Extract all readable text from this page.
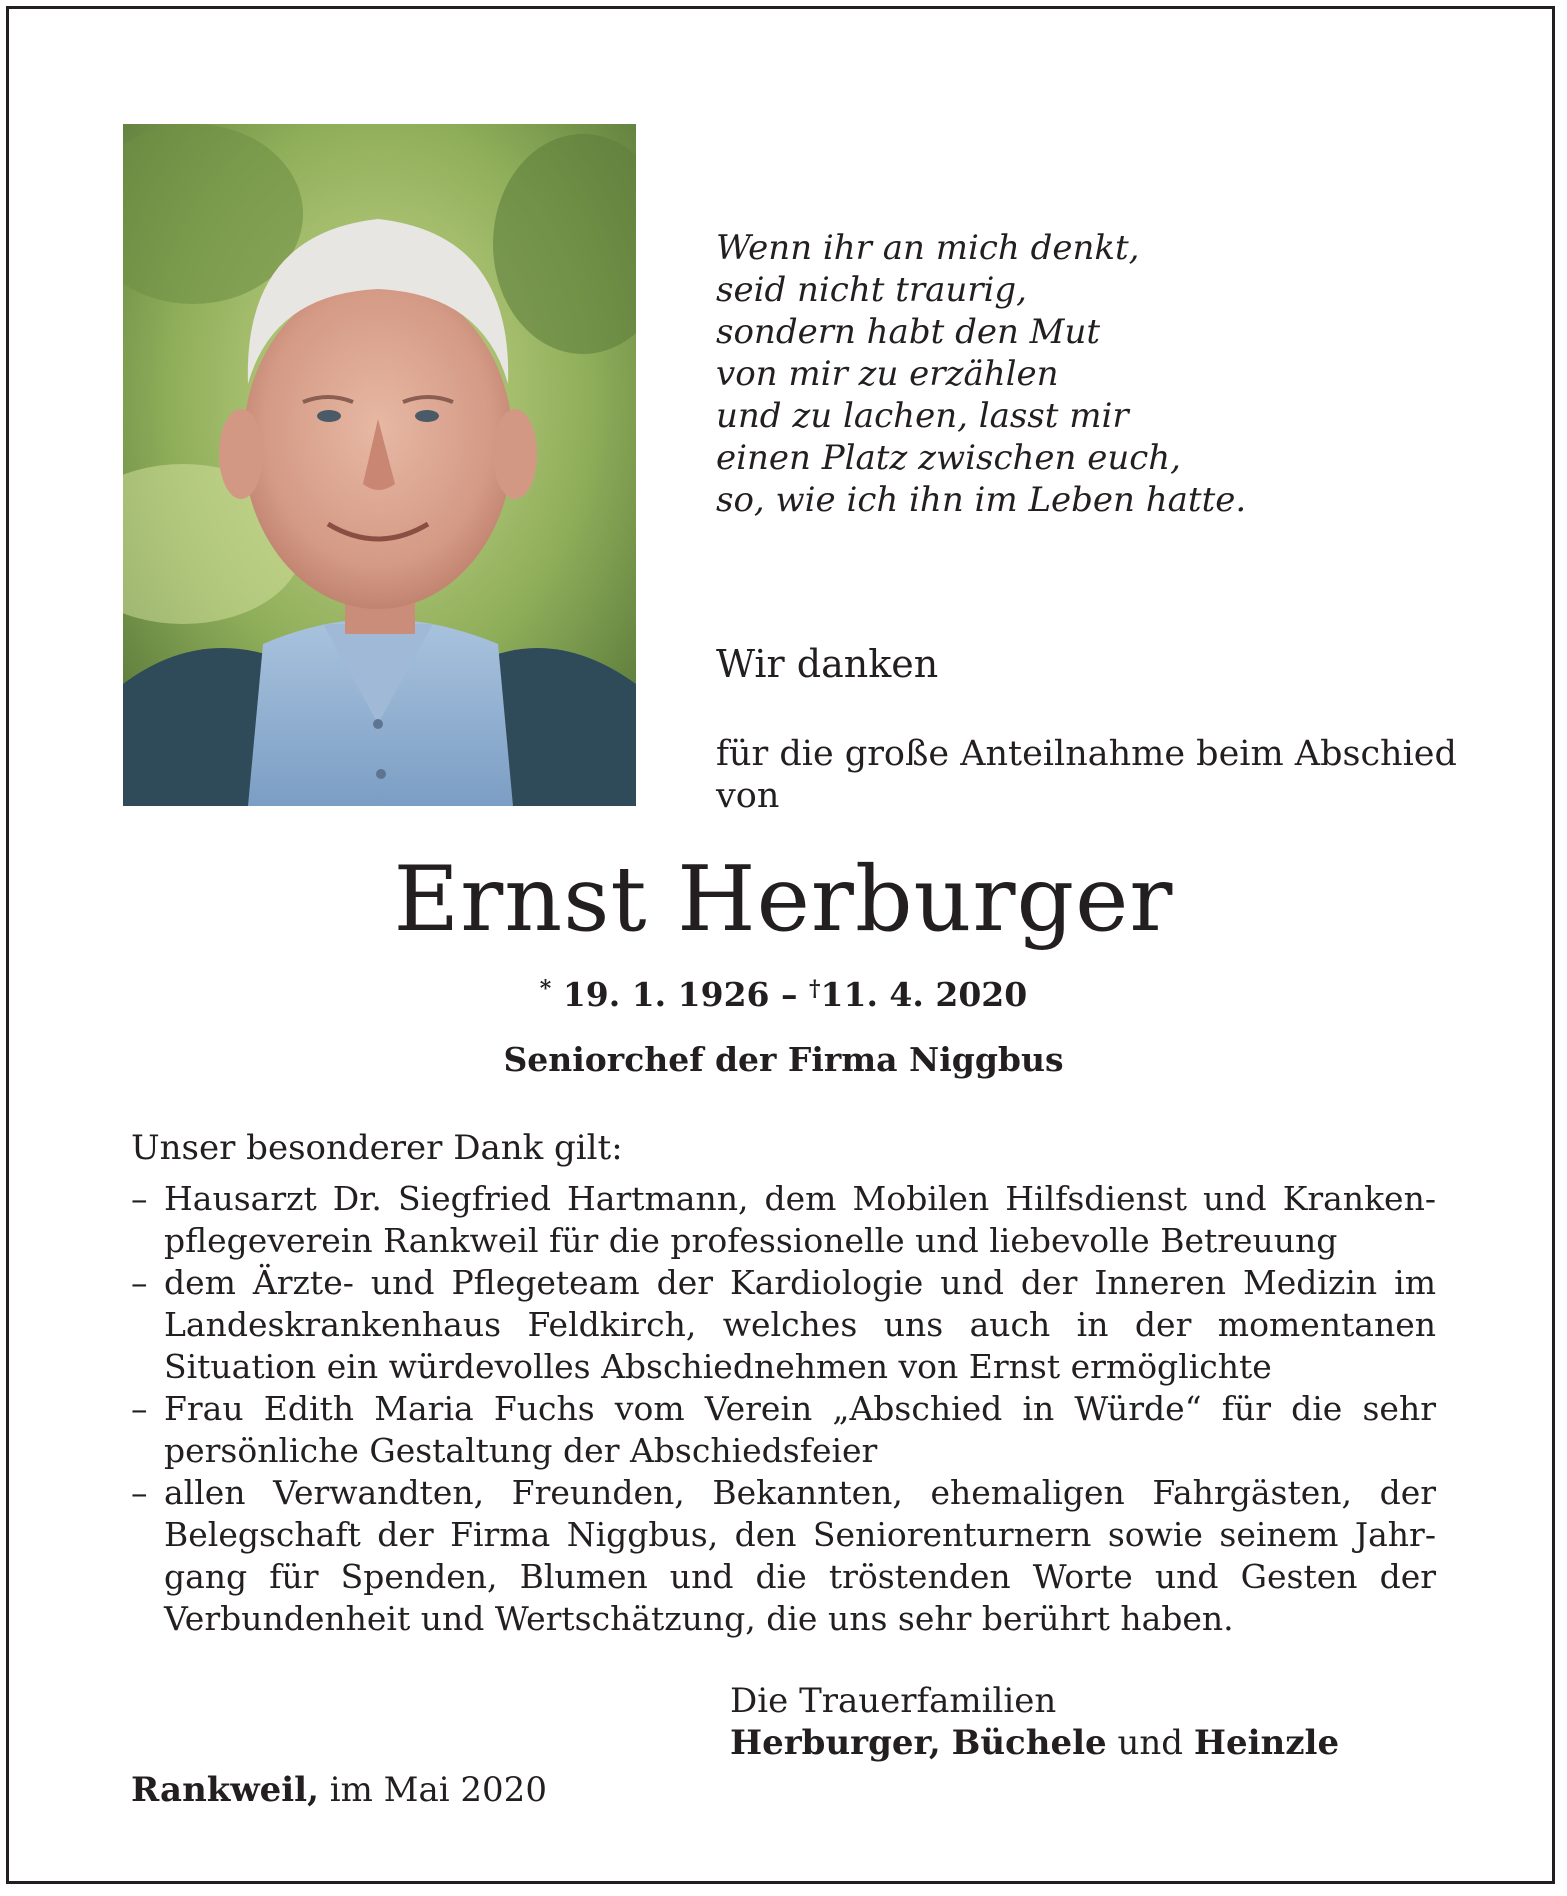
Wenn ihr an mich denkt,
seid nicht traurig,
sondern habt den Mut
von mir zu erzählen
und zu lachen, lasst mir
einen Platz zwischen euch,
so, wie ich ihn im Leben hatte.
Wir danken
für die große Anteilnahme beim Abschied
von
Ernst Herburger
* 19. 1. 1926 – †11. 4. 2020
Seniorchef der Firma Niggbus
Unser besonderer Dank gilt:
– Hausarzt Dr. Siegfried Hartmann, dem Mobilen Hilfsdienst und Krankenpflegeverein Rankweil für die professionelle und liebevolle Betreuung
– dem Ärzte- und Pflegeteam der Kardiologie und der Inneren Medizin im Landeskrankenhaus Feldkirch, welches uns auch in der momentanen Situation ein würdevolles Abschiednehmen von Ernst ermöglichte
– Frau Edith Maria Fuchs vom Verein „Abschied in Würde“ für die sehr persönliche Gestaltung der Abschiedsfeier
– allen Verwandten, Freunden, Bekannten, ehemaligen Fahrgästen, der Belegschaft der Firma Niggbus, den Seniorenturnern sowie seinem Jahrgang für Spenden, Blumen und die tröstenden Worte und Gesten der Verbundenheit und Wertschätzung, die uns sehr berührt haben.
Die Trauerfamilien
Herburger, Büchele und Heinzle
Rankweil, im Mai 2020
